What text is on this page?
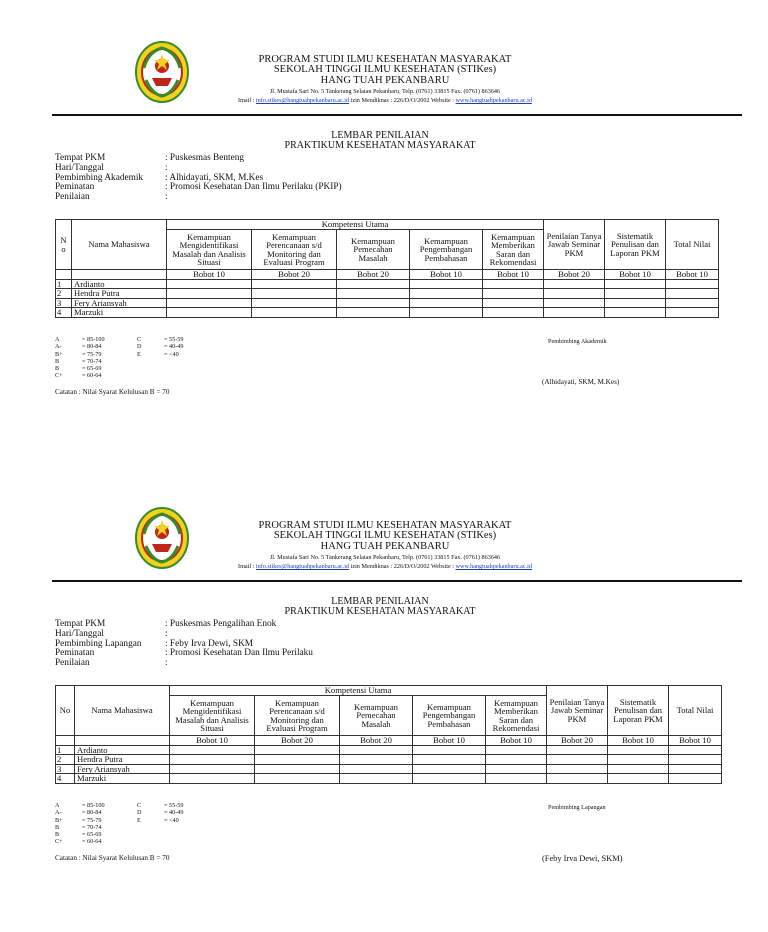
PROGRAM STUDI ILMU KESEHATAN MASYARAKAT
SEKOLAH TINGGI ILMU KESEHATAN (STIKes)
HANG TUAH PEKANBARU
Jl. Mustafa Sari No. 5 Tankerang Selatan Pekanbaru, Telp. (0761) 33815 Fax. (0761) 863646
Imail : info.stikes@hangtuahpekanbaru.ac.id izin Mendiknas : 226/D/O/2002 Website : www.hangtuahpekanbaru.ac.id
LEMBAR PENILAIAN
PRAKTIKUM KESEHATAN MASYARAKAT
Tempat PKM	: Puskesmas Benteng
Hari/Tanggal	:
Pembimbing Akademik	: Alhidayati, SKM, M.Kes
Peminatan	: Promosi Kesehatan Dan Ilmu Perilaku (PKIP)
Penilaian	:
N
o	Nama Mahasiswa	Kompetensi Utama					Penilaian Tanya Jawab Seminar PKM	Sistematik Penulisan dan Laporan PKM	Total Nilai
		Kemampuan Mengidentifikasi Masalah dan Analisis Situasi	Kemampuan Perencanaan s/d Monitoring dan Evaluasi Program	Kemampuan Pemecahan Masalah	Kemampuan Pengembangan Pembahasan	Kemampuan Memberikan Saran dan Rekomendasi			
		Bobot 10	Bobot 20	Bobot 20	Bobot 10	Bobot 10	Bobot 20	Bobot 10	Bobot 10
1	Ardianto								
2	Hendra Putra								
3	Fery Ariansyah								
4	Marzuki								
A	= 85-100	C	= 55-59
A-	= 80-84	D	= 40-49
B+	= 75-79	E	= <40
B	= 70-74
B	= 65-69
C+	= 60-64
Catatan : Nilai Syarat Kelulusan B = 70
Pembimbing Akademik
(Alhidayati, SKM, M.Kes)
PROGRAM STUDI ILMU KESEHATAN MASYARAKAT
SEKOLAH TINGGI ILMU KESEHATAN (STIKes)
HANG TUAH PEKANBARU
Jl. Mustafa Sari No. 5 Tankerang Selatan Pekanbaru, Telp. (0761) 33815 Fax. (0761) 863646
Imail : info.stikes@hangtuahpekanbaru.ac.id izin Mendiknas : 226/D/O/2002 Website : www.hangtuahpekanbaru.ac.id
LEMBAR PENILAIAN
PRAKTIKUM KESEHATAN MASYARAKAT
Tempat PKM	: Puskesmas Pengalihan Enok
Hari/Tanggal	:
Pembimbing Lapangan	: Feby Irva Dewi, SKM
Peminatan	: Promosi Kesehatan Dan Ilmu Perilaku
Penilaian	:
No	Nama Mahasiswa	Kompetensi Utama					Penilaian Tanya Jawab Seminar PKM	Sistematik Penulisan dan Laporan PKM	Total Nilai
		Kemampuan Mengidentifikasi Masalah dan Analisis Situasi	Kemampuan Perencanaan s/d Monitoring dan Evaluasi Program	Kemampuan Pemecahan Masalah	Kemampuan Pengembangan Pembahasan	Kemampuan Memberikan Saran dan Rekomendasi			
		Bobot 10	Bobot 20	Bobot 20	Bobot 10	Bobot 10	Bobot 20	Bobot 10	Bobot 10
1	Ardianto								
2	Hendra Putra								
3	Fery Ariansyah								
4	Marzuki								
A	= 85-100	C	= 55-59
A-	= 80-84	D	= 40-49
B+	= 75-79	E	= <40
B	= 70-74
B	= 65-69
C+	= 60-64
Catatan : Nilai Syarat Kelulusan B = 70
Pembimbing Lapangan
(Feby Irva Dewi, SKM)
